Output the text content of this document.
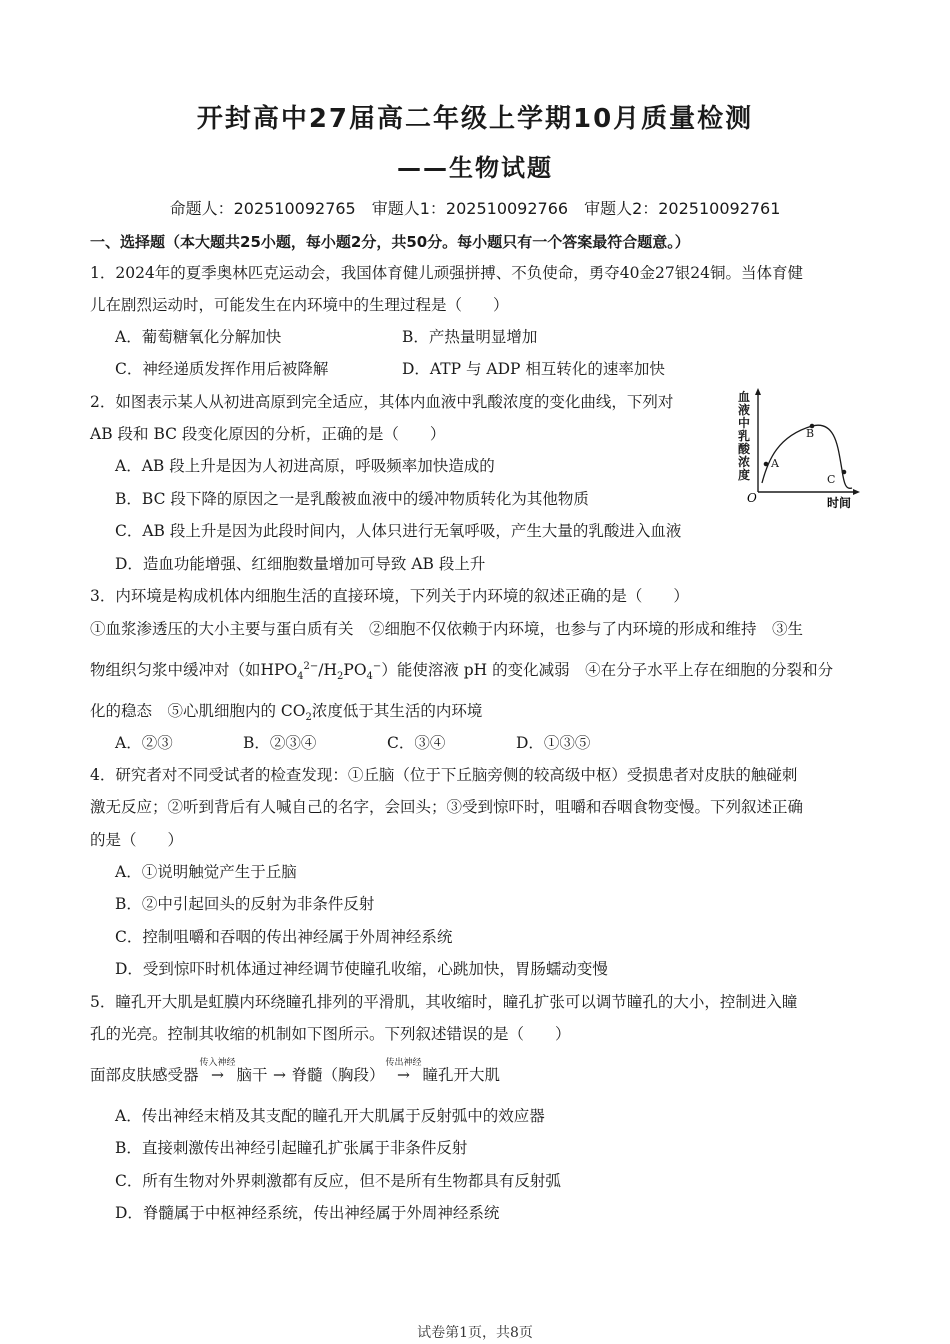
开封高中27届高二年级上学期10月质量检测
——生物试题
命题人：202510092765　审题人1：202510092766　审题人2：202510092761
一、选择题（本大题共25小题，每小题2分，共50分。每小题只有一个答案最符合题意。）
1．2024年的夏季奥林匹克运动会，我国体育健儿顽强拼搏、不负使命，勇夺40金27银24铜。当体育健
儿在剧烈运动时，可能发生在内环境中的生理过程是（　　）
A．葡萄糖氧化分解加快	B．产热量明显增加
C．神经递质发挥作用后被降解	D．ATP 与 ADP 相互转化的速率加快
2．如图表示某人从初进高原到完全适应，其体内血液中乳酸浓度的变化曲线，下列对
AB 段和 BC 段变化原因的分析，正确的是（　　）
A．AB 段上升是因为人初进高原，呼吸频率加快造成的
B．BC 段下降的原因之一是乳酸被血液中的缓冲物质转化为其他物质
C．AB 段上升是因为此段时间内，人体只进行无氧呼吸，产生大量的乳酸进入血液
D．造血功能增强、红细胞数量增加可导致 AB 段上升
血
液
中
乳
酸
浓
度
O	时间
A
B
C
3．内环境是构成机体内细胞生活的直接环境，下列关于内环境的叙述正确的是（　　）
①血浆渗透压的大小主要与蛋白质有关　②细胞不仅依赖于内环境，也参与了内环境的形成和维持　③生
物组织匀浆中缓冲对（如$HPO_4^{2-}/H_2PO_4^-$）能使溶液 pH 的变化减弱　④在分子水平上存在细胞的分裂和分
化的稳态　⑤心肌细胞内的 $CO_2$浓度低于其生活的内环境
A．②③	B．②③④	C．③④	D．①③⑤
4．研究者对不同受试者的检查发现：①丘脑（位于下丘脑旁侧的较高级中枢）受损患者对皮肤的触碰刺
激无反应；②听到背后有人喊自己的名字，会回头；③受到惊吓时，咀嚼和吞咽食物变慢。下列叙述正确
的是（　　）
A．①说明触觉产生于丘脑
B．②中引起回头的反射为非条件反射
C．控制咀嚼和吞咽的传出神经属于外周神经系统
D．受到惊吓时机体通过神经调节使瞳孔收缩，心跳加快，胃肠蠕动变慢
5．瞳孔开大肌是虹膜内环绕瞳孔排列的平滑肌，其收缩时，瞳孔扩张可以调节瞳孔的大小，控制进入瞳
孔的光亮。控制其收缩的机制如下图所示。下列叙述错误的是（　　）
面部皮肤感受器
传入神经
→ 脑干 → 脊髓（胸段）
传出神经
→ 瞳孔开大肌
A．传出神经末梢及其支配的瞳孔开大肌属于反射弧中的效应器
B．直接刺激传出神经引起瞳孔扩张属于非条件反射
C．所有生物对外界刺激都有反应，但不是所有生物都具有反射弧
D．脊髓属于中枢神经系统，传出神经属于外周神经系统
试卷第1页，共8页
